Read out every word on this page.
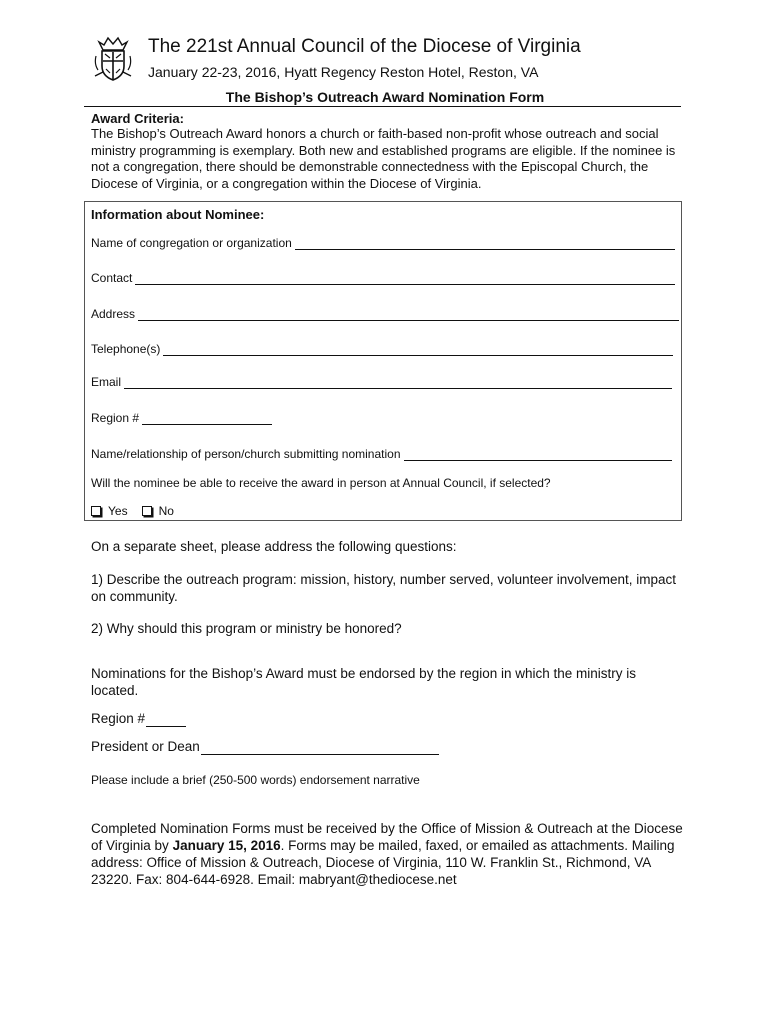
The 221st Annual Council of the Diocese of Virginia
January 22-23, 2016, Hyatt Regency Reston Hotel, Reston, VA
The Bishop’s Outreach Award Nomination Form
Award Criteria:

The Bishop’s Outreach Award honors a church or faith-based non-profit whose outreach and social ministry programming is exemplary. Both new and established programs are eligible. If the nominee is not a congregation, there should be demonstrable connectedness with the Episcopal Church, the Diocese of Virginia, or a congregation within the Diocese of Virginia.

Information about Nominee:
Name of congregation or organization
Contact
Address
Telephone(s)
Email
Region #
Name/relationship of person/church submitting nomination
Will the nominee be able to receive the award in person at Annual Council, if selected?
Yes	No

On a separate sheet, please address the following questions:

1) Describe the outreach program: mission, history, number served, volunteer involvement, impact on community.

2) Why should this program or ministry be honored?

Nominations for the Bishop’s Award must be endorsed by the region in which the ministry is located.

Region #
President or Dean

Please include a brief (250-500 words) endorsement narrative

Completed Nomination Forms must be received by the Office of Mission & Outreach at the Diocese of Virginia by January 15, 2016. Forms may be mailed, faxed, or emailed as attachments. Mailing address: Office of Mission & Outreach, Diocese of Virginia, 110 W. Franklin St., Richmond, VA 23220. Fax: 804-644-6928. Email: mabryant@thediocese.net
